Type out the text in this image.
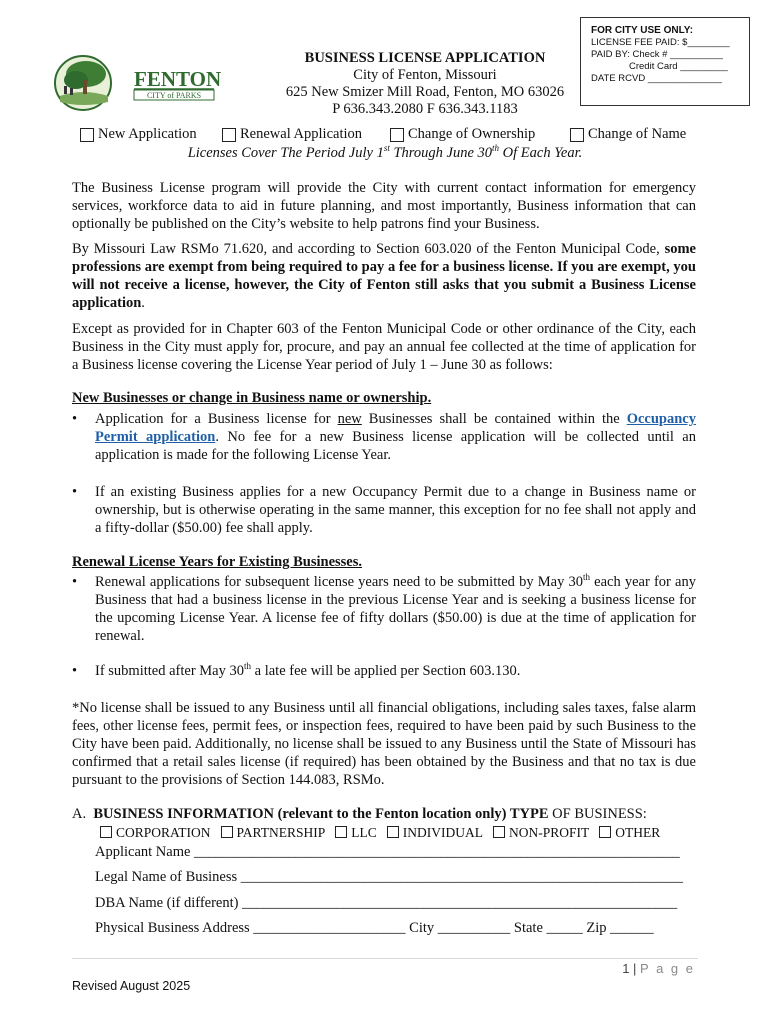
FOR CITY USE ONLY:
LICENSE FEE PAID: $________
PAID BY: Check # __________
Credit Card _________
DATE RCVD ______________
FENTON
CITY of PARKS
BUSINESS LICENSE APPLICATION
City of Fenton, Missouri
625 New Smizer Mill Road, Fenton, MO 63026
P 636.343.2080 F 636.343.1183
New Application	Renewal Application	Change of Ownership	Change of Name
Licenses Cover The Period July 1st Through June 30th Of Each Year.
The Business License program will provide the City with current contact information for emergency services, workforce data to aid in future planning, and most importantly, Business information that can optionally be published on the City’s website to help patrons find your Business.
By Missouri Law RSMo 71.620, and according to Section 603.020 of the Fenton Municipal Code, some professions are exempt from being required to pay a fee for a business license. If you are exempt, you will not receive a license, however, the City of Fenton still asks that you submit a Business License application.
Except as provided for in Chapter 603 of the Fenton Municipal Code or other ordinance of the City, each Business in the City must apply for, procure, and pay an annual fee collected at the time of application for a Business license covering the License Year period of July 1 – June 30 as follows:
New Businesses or change in Business name or ownership.
• Application for a Business license for new Businesses shall be contained within the Occupancy Permit application. No fee for a new Business license application will be collected until an application is made for the following License Year.
• If an existing Business applies for a new Occupancy Permit due to a change in Business name or ownership, but is otherwise operating in the same manner, this exception for no fee shall not apply and a fifty-dollar ($50.00) fee shall apply.
Renewal License Years for Existing Businesses.
• Renewal applications for subsequent license years need to be submitted by May 30th each year for any Business that had a business license in the previous License Year and is seeking a business license for the upcoming License Year. A license fee of fifty dollars ($50.00) is due at the time of application for renewal.
• If submitted after May 30th a late fee will be applied per Section 603.130.
*No license shall be issued to any Business until all financial obligations, including sales taxes, false alarm fees, other license fees, permit fees, or inspection fees, required to have been paid by such Business to the City have been paid. Additionally, no license shall be issued to any Business until the State of Missouri has confirmed that a retail sales license (if required) has been obtained by the Business and that no tax is due pursuant to the provisions of Section 144.083, RSMo.
A. BUSINESS INFORMATION (relevant to the Fenton location only) TYPE OF BUSINESS:
CORPORATION	PARTNERSHIP	LLC	INDIVIDUAL	NON-PROFIT	OTHER
Applicant Name ___________________________________________________________________
Legal Name of Business _____________________________________________________________
DBA Name (if different) ____________________________________________________________
Physical Business Address _____________________ City __________ State _____ Zip ______
1 | P a g e
Revised August 2025
